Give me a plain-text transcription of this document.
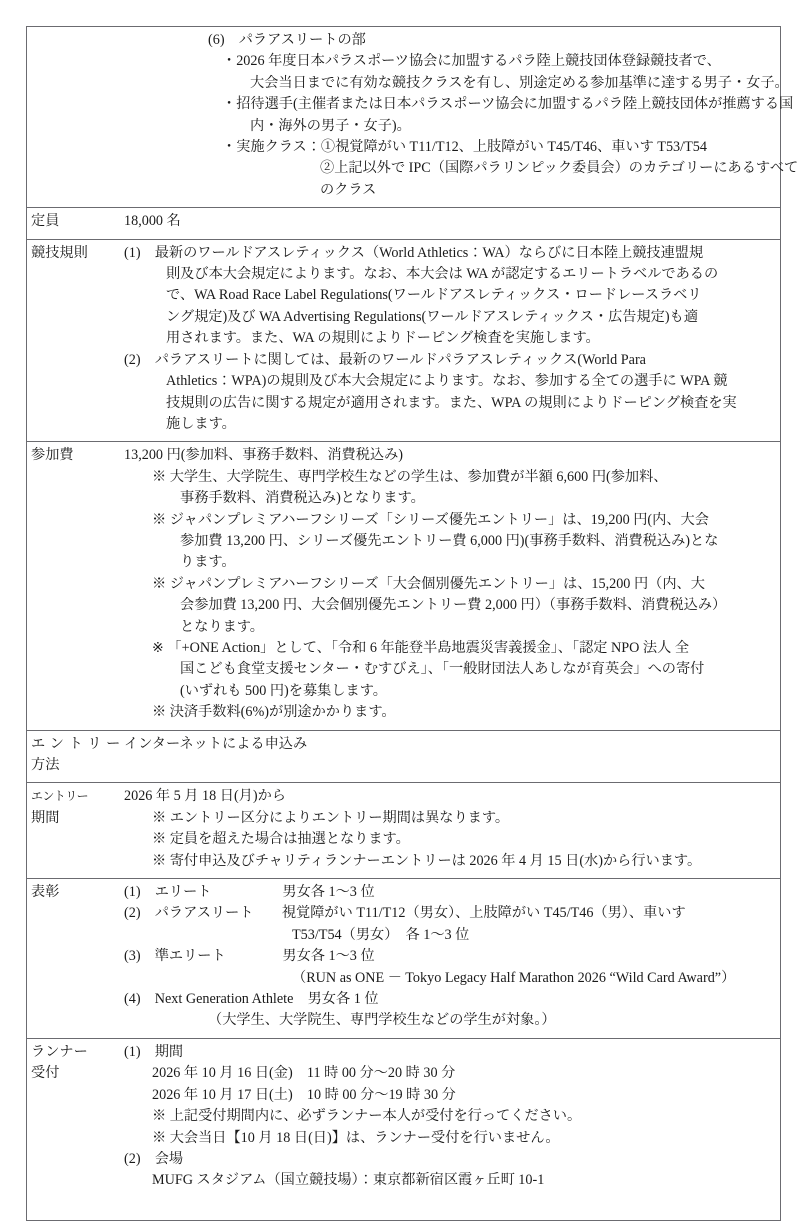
(6)　パラアスリートの部
・2026 年度日本パラスポーツ協会に加盟するパラ陸上競技団体登録競技者で、
大会当日までに有効な競技クラスを有し、別途定める参加基準に達する男子・女子。
・招待選手(主催者または日本パラスポーツ協会に加盟するパラ陸上競技団体が推薦する国
内・海外の男子・女子)。
・実施クラス：①視覚障がい T11/T12、上肢障がい T45/T46、車いす T53/T54
②上記以外で IPC（国際パラリンピック委員会）のカテゴリーにあるすべて
のクラス

定員	18,000 名

競技規則	(1)　最新のワールドアスレティックス（World Athletics：WA）ならびに日本陸上競技連盟規
則及び本大会規定によります。なお、本大会は WA が認定するエリートラベルであるの
で、WA Road Race Label Regulations(ワールドアスレティックス・ロードレースラベリ
ング規定)及び WA Advertising Regulations(ワールドアスレティックス・広告規定)も適
用されます。また、WA の規則によりドーピング検査を実施します。
(2)　パラアスリートに関しては、最新のワールドパラアスレティックス(World Para
Athletics：WPA)の規則及び本大会規定によります。なお、参加する全ての選手に WPA 競
技規則の広告に関する規定が適用されます。また、WPA の規則によりドーピング検査を実
施します。

参加費	13,200 円(参加料、事務手数料、消費税込み)
※ 大学生、大学院生、専門学校生などの学生は、参加費が半額 6,600 円(参加料、
事務手数料、消費税込み)となります。
※ ジャパンプレミアハーフシリーズ「シリーズ優先エントリー」は、19,200 円(内、大会
参加費 13,200 円、シリーズ優先エントリー費 6,000 円)(事務手数料、消費税込み)とな
ります。
※ ジャパンプレミアハーフシリーズ「大会個別優先エントリー」は、15,200 円（内、大
会参加費 13,200 円、大会個別優先エントリー費 2,000 円）（事務手数料、消費税込み）
となります。
※ 「+ONE Action」として、「令和 6 年能登半島地震災害義援金」、「認定 NPO 法人 全
国こども食堂支援センター・むすびえ」、「一般財団法人あしなが育英会」への寄付
(いずれも 500 円)を募集します。
※ 決済手数料(6%)が別途かかります。

エントリー
方法	インターネットによる申込み

エントリー
期間	2026 年 5 月 18 日(月)から
※ エントリー区分によりエントリー期間は異なります。
※ 定員を超えた場合は抽選となります。
※ 寄付申込及びチャリティランナーエントリーは 2026 年 4 月 15 日(水)から行います。

表彰	(1)　エリート　　　　　男女各 1〜3 位
(2)　パラアスリート　　視覚障がい T11/T12（男女）、上肢障がい T45/T46（男）、車いす
T53/T54（男女）　各 1〜3 位
(3)　準エリート　　　　男女各 1〜3 位
（RUN as ONE － Tokyo Legacy Half Marathon 2026 “Wild Card Award”）
(4)　Next Generation Athlete　男女各 1 位
（大学生、大学院生、専門学校生などの学生が対象。）

ランナー
受付

(1)　期間
2026 年 10 月 16 日(金)　11 時 00 分〜20 時 30 分
2026 年 10 月 17 日(土)　10 時 00 分〜19 時 30 分
※ 上記受付期間内に、必ずランナー本人が受付を行ってください。
※ 大会当日【10 月 18 日(日)】は、ランナー受付を行いません。
(2)　会場
MUFG スタジアム（国立競技場）：東京都新宿区霞ヶ丘町 10-1
